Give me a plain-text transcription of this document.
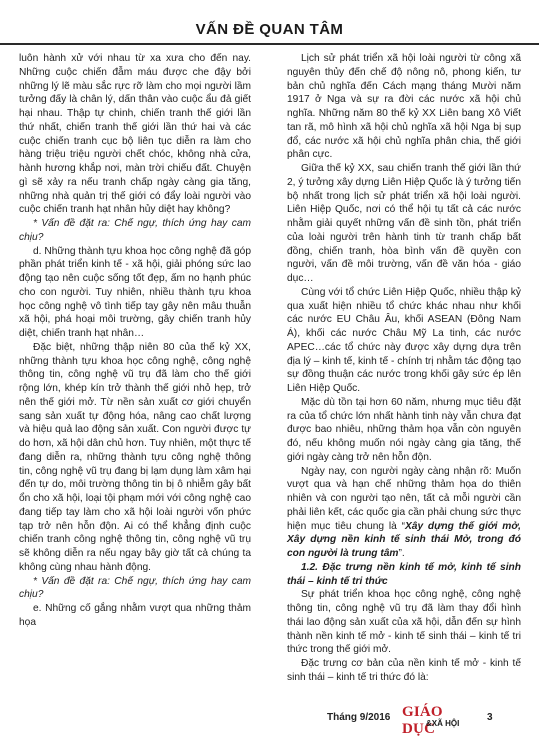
VẤN ĐỀ QUAN TÂM

luôn hành xử với nhau từ xa xưa cho đến nay. Những cuộc chiến đẫm máu được che đậy bởi những lý lẽ màu sắc rực rỡ làm cho mọi người lầm tưởng đấy là chân lý, dấn thân vào cuộc ẩu đả giết hại nhau. Thập tự chinh, chiến tranh thế giới lần thứ nhất, chiến tranh thế giới lần thứ hai và các cuộc chiến tranh cục bộ liên tục diễn ra làm cho hàng triệu triệu người chết chóc, không nhà cửa, hành hương khắp nơi, màn trời chiếu đất. Chuyện gì sẽ xảy ra nếu tranh chấp ngày càng gia tăng, những nhà quản trị thế giới có đẩy loài người vào cuộc chiến tranh hạt nhân hủy diệt hay không?

* Vấn đề đặt ra: Chế ngự, thích ứng hay cam chịu?

d. Những thành tựu khoa học công nghệ đã góp phần phát triển kinh tế - xã hội, giải phóng sức lao động tạo nên cuộc sống tốt đẹp, ấm no hạnh phúc cho con người. Tuy nhiên, nhiều thành tựu khoa học công nghệ vô tình tiếp tay gây nên mâu thuẫn xã hội, phá hoại môi trường, gây chiến tranh hủy diệt, chiến tranh hạt nhân…

Đặc biệt, những thập niên 80 của thế kỷ XX, những thành tựu khoa học công nghệ, công nghệ thông tin, công nghệ vũ trụ đã làm cho thế giới rộng lớn, khép kín trở thành thế giới nhỏ hẹp, trở nên thế giới mở. Từ nền sản xuất cơ giới chuyển sang sản xuất tự động hóa, nâng cao chất lượng và hiệu quả lao động sản xuất. Con người được tự do hơn, xã hội dân chủ hơn. Tuy nhiên, một thực tế đang diễn ra, những thành tựu công nghệ thông tin, công nghệ vũ trụ đang bị lạm dụng làm xâm hại đến tự do, môi trường thông tin bị ô nhiễm gây bất ổn cho xã hội, loại tội phạm mới với công nghệ cao đang tiếp tay làm cho xã hội loài người vốn phức tạp trở nên hỗn độn. Ai có thể khẳng định cuộc chiến tranh công nghệ thông tin, công nghệ vũ trụ sẽ không diễn ra nếu ngay bây giờ tất cả chúng ta không cùng nhau hành động.

* Vấn đề đặt ra: Chế ngự, thích ứng hay cam chịu?

e. Những cố gắng nhằm vượt qua những thảm họa

Lịch sử phát triển xã hội loài người từ công xã nguyên thủy đến chế độ nông nô, phong kiến, tư bản chủ nghĩa đến Cách mạng tháng Mười năm 1917 ở Nga và sự ra đời các nước xã hội chủ nghĩa. Những năm 80 thế kỷ XX Liên bang Xô Viết tan rã, mô hình xã hội chủ nghĩa xã hội Nga bị sụp đổ, các nước xã hội chủ nghĩa phân chia, thế giới phân cực.

Giữa thế kỷ XX, sau chiến tranh thế giới lần thứ 2, ý tưởng xây dựng Liên Hiệp Quốc là ý tưởng tiến bộ nhất trong lịch sử phát triển xã hội loài người. Liên Hiệp Quốc, nơi có thể hội tụ tất cả các nước nhằm giải quyết những vấn đề sinh tồn, phát triển của loài người trên hành tinh từ tranh chấp bất đồng, chiến tranh, hòa bình vấn đề quyền con người, vấn đề môi trường, vấn đề văn hóa - giáo dục…

Cùng với tổ chức Liên Hiệp Quốc, nhiều thập kỷ qua xuất hiện nhiều tổ chức khác nhau như khối các nước EU Châu Âu, khối ASEAN (Đông Nam Á), khối các nước Châu Mỹ La tinh, các nước APEC…các tổ chức này được xây dựng dựa trên địa lý – kinh tế, kinh tế - chính trị nhằm tác động tạo sự đồng thuận các nước trong khối gây sức ép lên Liên Hiệp Quốc.

Mặc dù tồn tại hơn 60 năm, nhưng mục tiêu đặt ra của tổ chức lớn nhất hành tinh này vẫn chưa đạt được bao nhiêu, những thảm họa vẫn còn nguyên đó, nếu không muốn nói ngày càng gia tăng, thế giới ngày càng trở nên hỗn độn.

Ngày nay, con người ngày càng nhận rõ: Muốn vượt qua và hạn chế những thảm họa do thiên nhiên và con người tạo nên, tất cả mỗi người cần phải liên kết, các quốc gia cần phải chung sức thực hiện mục tiêu chung là “Xây dựng thế giới mở, Xây dựng nền kinh tế sinh thái Mở, trong đó con người là trung tâm”.

1.2. Đặc trưng nền kinh tế mở, kinh tế sinh thái – kinh tế tri thức

Sự phát triển khoa học công nghệ, công nghệ thông tin, công nghệ vũ trụ đã làm thay đổi hình thái lao động sản xuất của xã hội, dẫn đến sự hình thành nền kinh tế mở - kinh tế sinh thái – kinh tế tri thức trong thế giới mở.

Đặc trưng cơ bản của nền kinh tế mở - kinh tế sinh thái – kinh tế tri thức đó là:

Tháng 9/2016 GIÁO DỤC
&XÃ HỘI
3
